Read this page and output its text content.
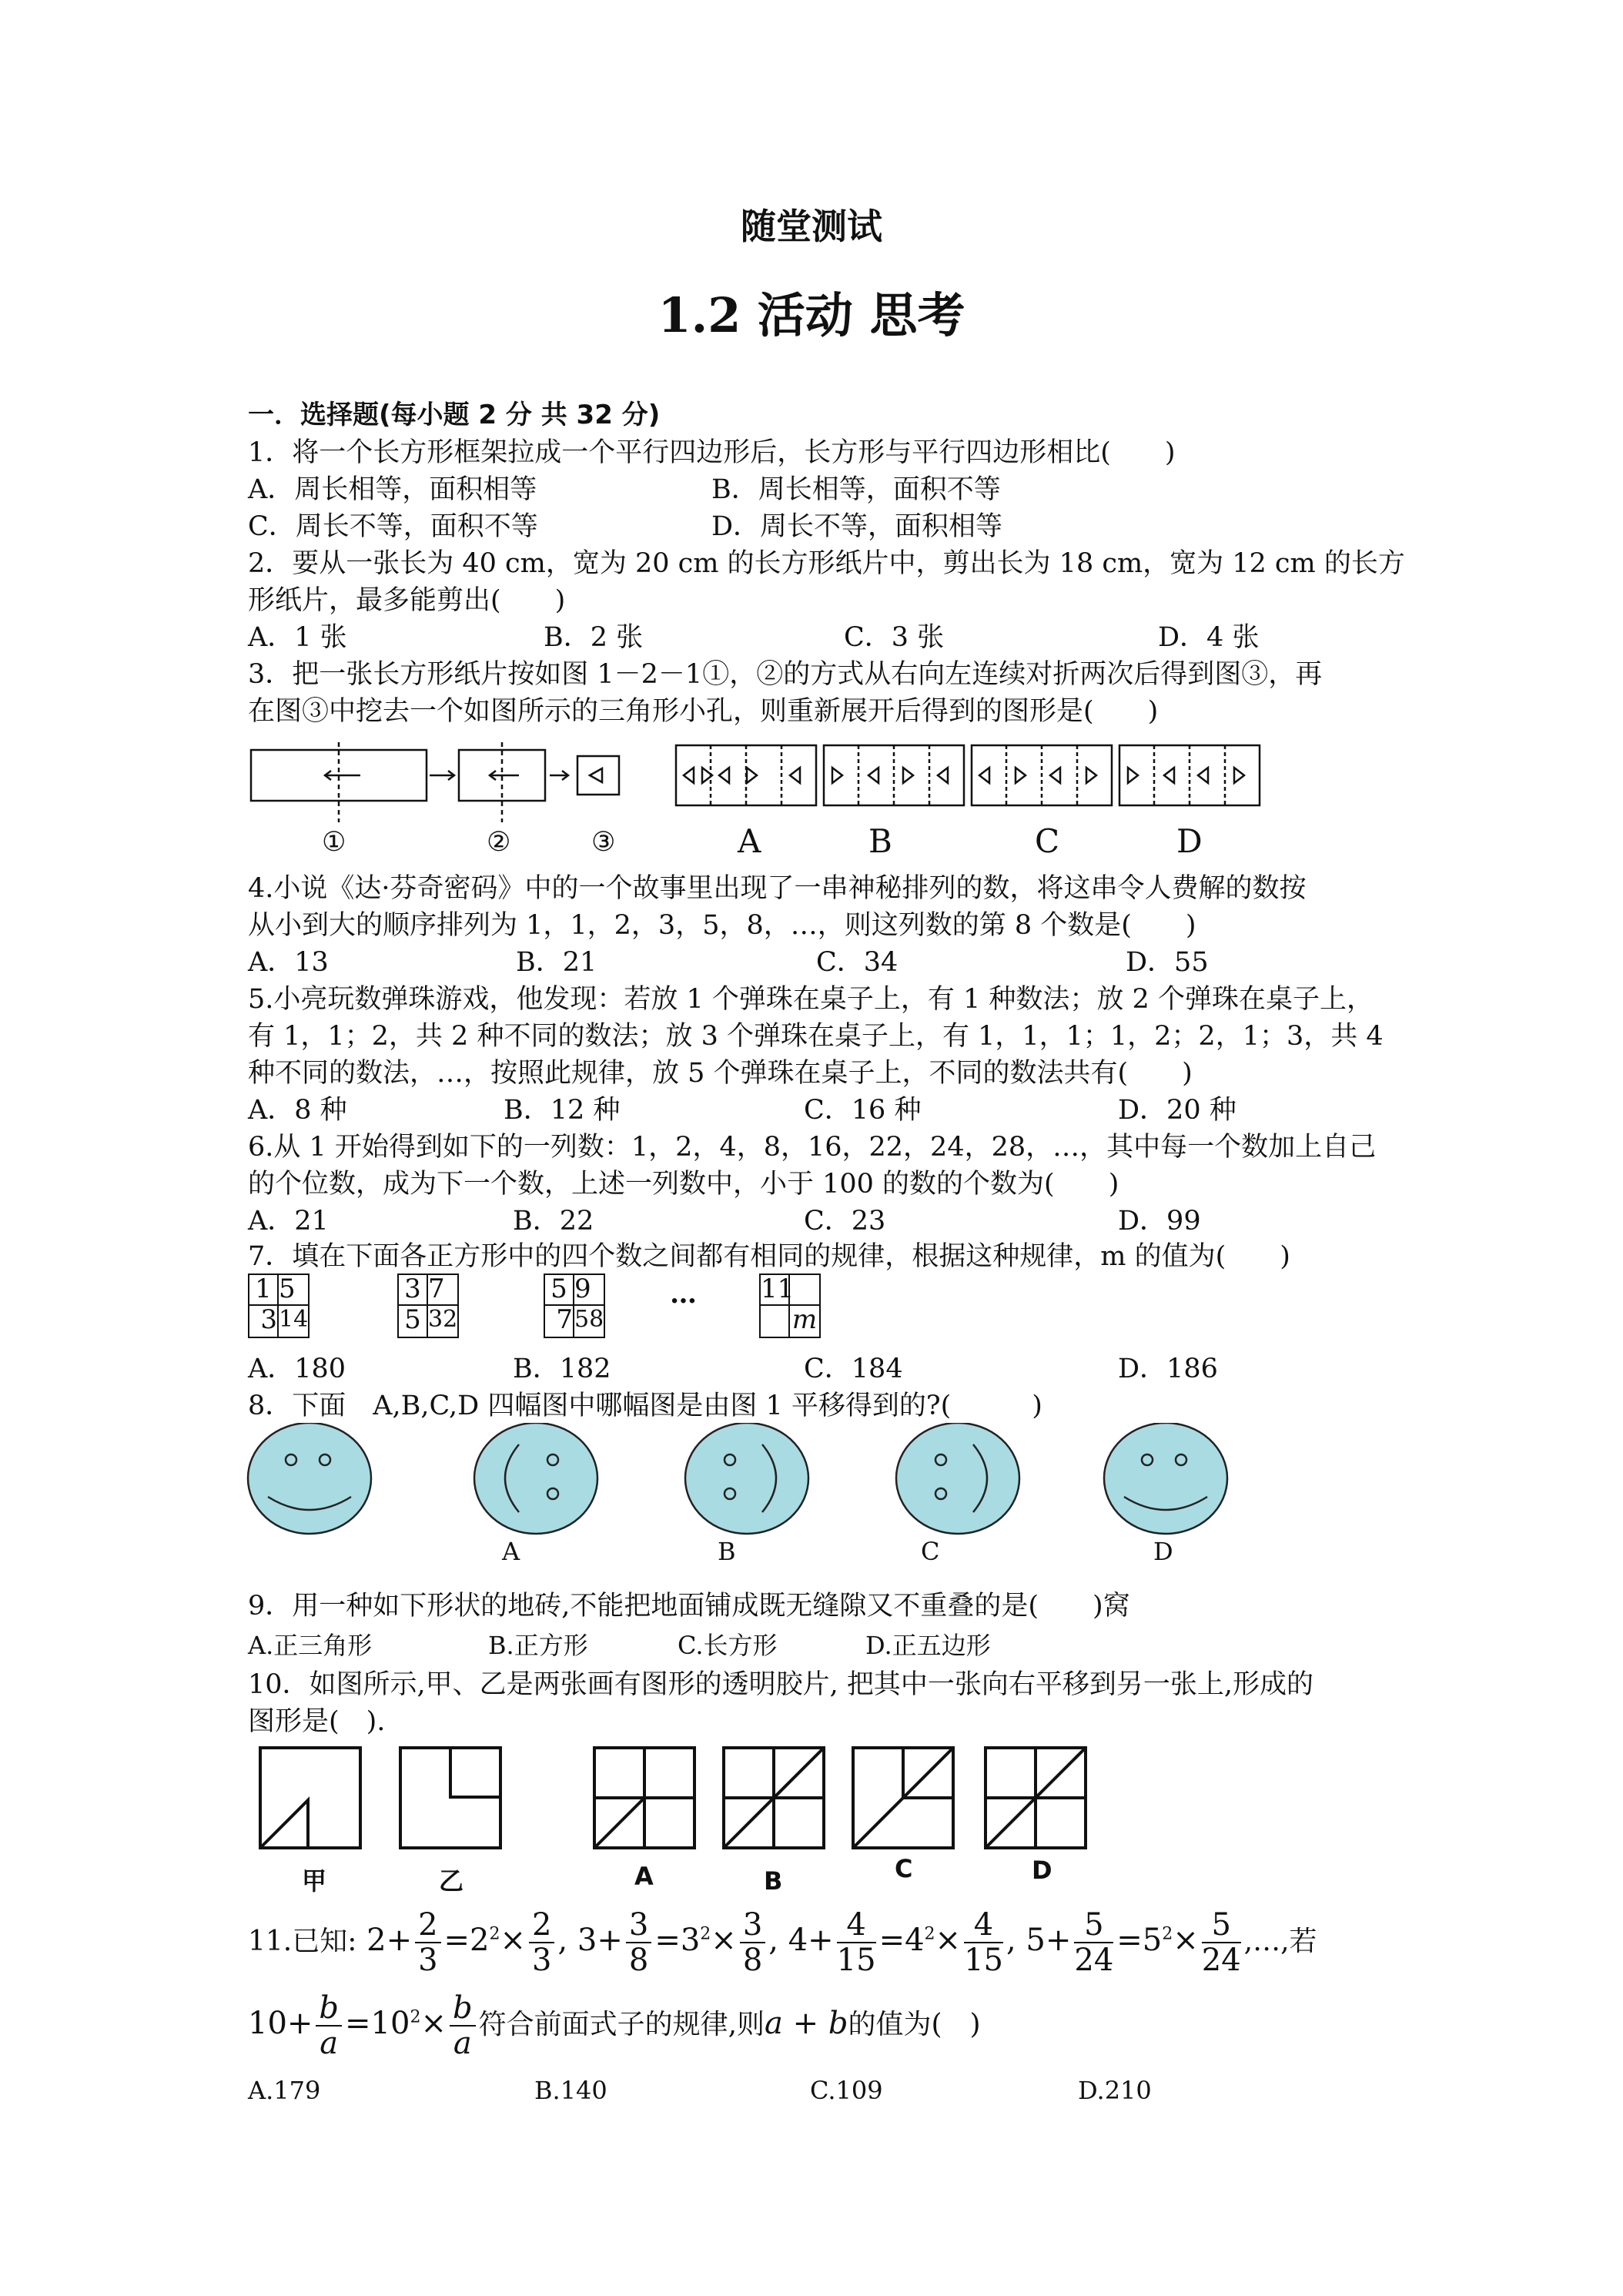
随堂测试
1.2 活动 思考
一．选择题(每小题 2 分 共 32 分)
1．将一个长方形框架拉成一个平行四边形后，长方形与平行四边形相比(　　)
A．周长相等，面积相等	B．周长相等，面积不等
C．周长不等，面积不等	D．周长不等，面积相等
2．要从一张长为 40 cm，宽为 20 cm 的长方形纸片中，剪出长为 18 cm，宽为 12 cm 的长方
形纸片，最多能剪出(　　)
A．1 张	B．2 张	C．3 张	D．4 张
3．把一张长方形纸片按如图 1－2－1①，②的方式从右向左连续对折两次后得到图③，再
在图③中挖去一个如图所示的三角形小孔，则重新展开后得到的图形是(　　)
①	②	③	A	B	C	D
4.小说《达·芬奇密码》中的一个故事里出现了一串神秘排列的数，将这串令人费解的数按
从小到大的顺序排列为 1，1，2，3，5，8，…，则这列数的第 8 个数是(　　)
A．13	B．21	C．34	D．55
5.小亮玩数弹珠游戏，他发现：若放 1 个弹珠在桌子上，有 1 种数法；放 2 个弹珠在桌子上，
有 1，1；2，共 2 种不同的数法；放 3 个弹珠在桌子上，有 1，1，1；1，2；2，1；3，共 4
种不同的数法，…，按照此规律，放 5 个弹珠在桌子上，不同的数法共有(　　)
A．8 种	B．12 种	C．16 种	D．20 种
6.从 1 开始得到如下的一列数：1，2，4，8，16，22，24，28，…，其中每一个数加上自己
的个位数，成为下一个数，上述一列数中，小于 100 的数的个数为(　　)
A．21	B．22	C．23	D．99
7．填在下面各正方形中的四个数之间都有相同的规律，根据这种规律，m 的值为(　　)
1 5
3 14
3 7
5 32
5 9
7 58
… 11
m
A．180	B．182	C．184	D．186
8．下面　A,B,C,D 四幅图中哪幅图是由图 1 平移得到的?(　　　)
A	B	C	D
9．用一种如下形状的地砖,不能把地面铺成既无缝隙又不重叠的是(　　)窝
A.正三角形	B.正方形	C.长方形	D.正五边形
10．如图所示,甲、乙是两张画有图形的透明胶片, 把其中一张向右平移到另一张上,形成的
图形是(　).
甲	乙	A	B	C	D
11.已知: $2+ \frac{2}{3} =2^2\times \frac{2}{3}$ , $3+ \frac{3}{8} =3^2\times \frac{3}{8}$ , $4+ \frac{4}{15} =4^2\times \frac{4}{15}$ , $5+ \frac{5}{24} =5^2\times \frac{5}{24}$ ,…,若
$10+ \frac{b}{a} =10^2\times \frac{b}{a}$ 符合前面式子的规律,则a + b的值为(　)
A.179	B.140	C.109	D.210
